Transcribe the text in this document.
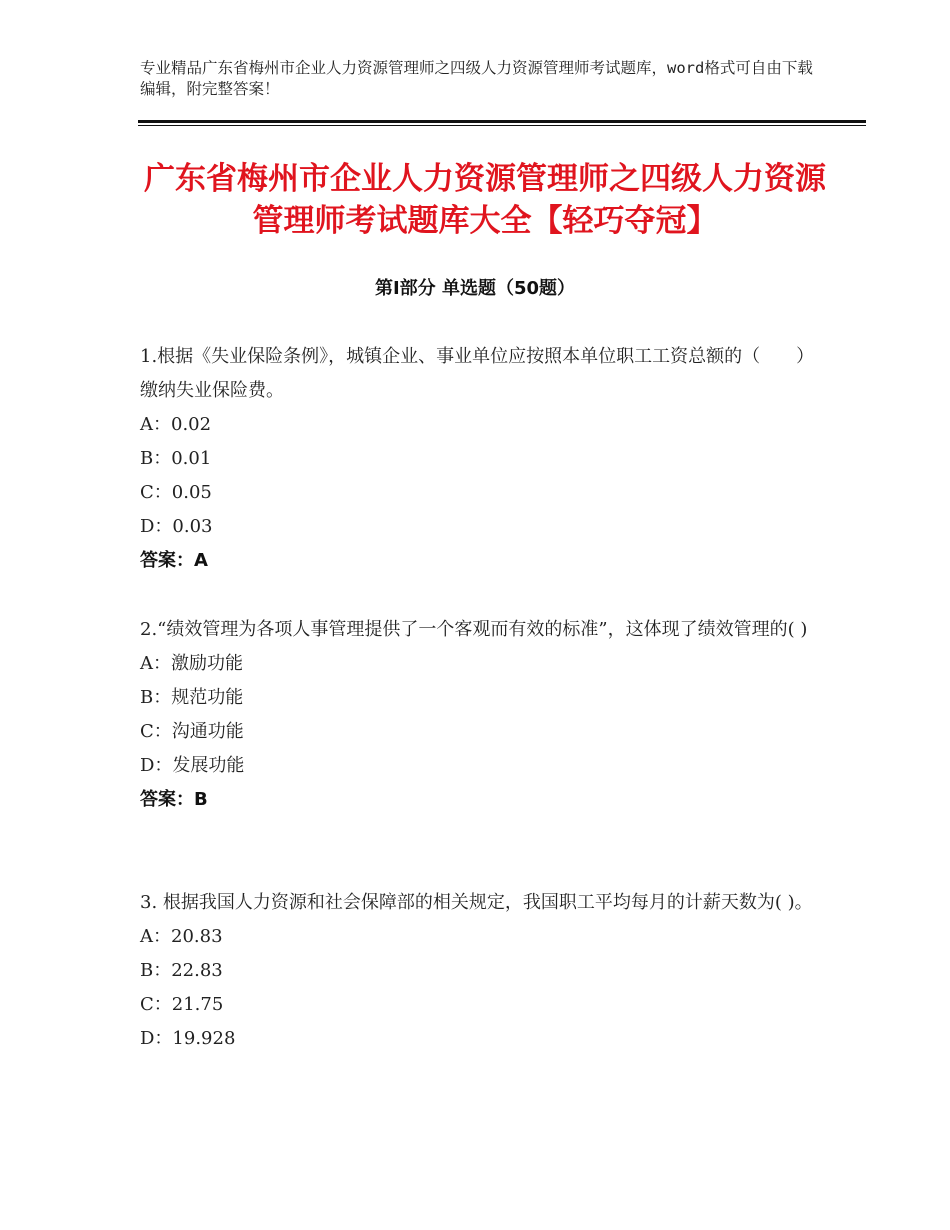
专业精品广东省梅州市企业人力资源管理师之四级人力资源管理师考试题库，word格式可自由下载编辑，附完整答案！
广东省梅州市企业人力资源管理师之四级人力资源管理师考试题库大全【轻巧夺冠】
第Ⅰ部分 单选题（50题）

1.根据《失业保险条例》，城镇企业、事业单位应按照本单位职工工资总额的（　　）缴纳失业保险费。

A：0.02
B：0.01
C：0.05
D：0.03
答案：A

2.“绩效管理为各项人事管理提供了一个客观而有效的标准”，这体现了绩效管理的( )

A：激励功能
B：规范功能
C：沟通功能
D：发展功能
答案：B

3. 根据我国人力资源和社会保障部的相关规定，我国职工平均每月的计薪天数为( )。

A：20.83
B：22.83
C：21.75
D：19.928
